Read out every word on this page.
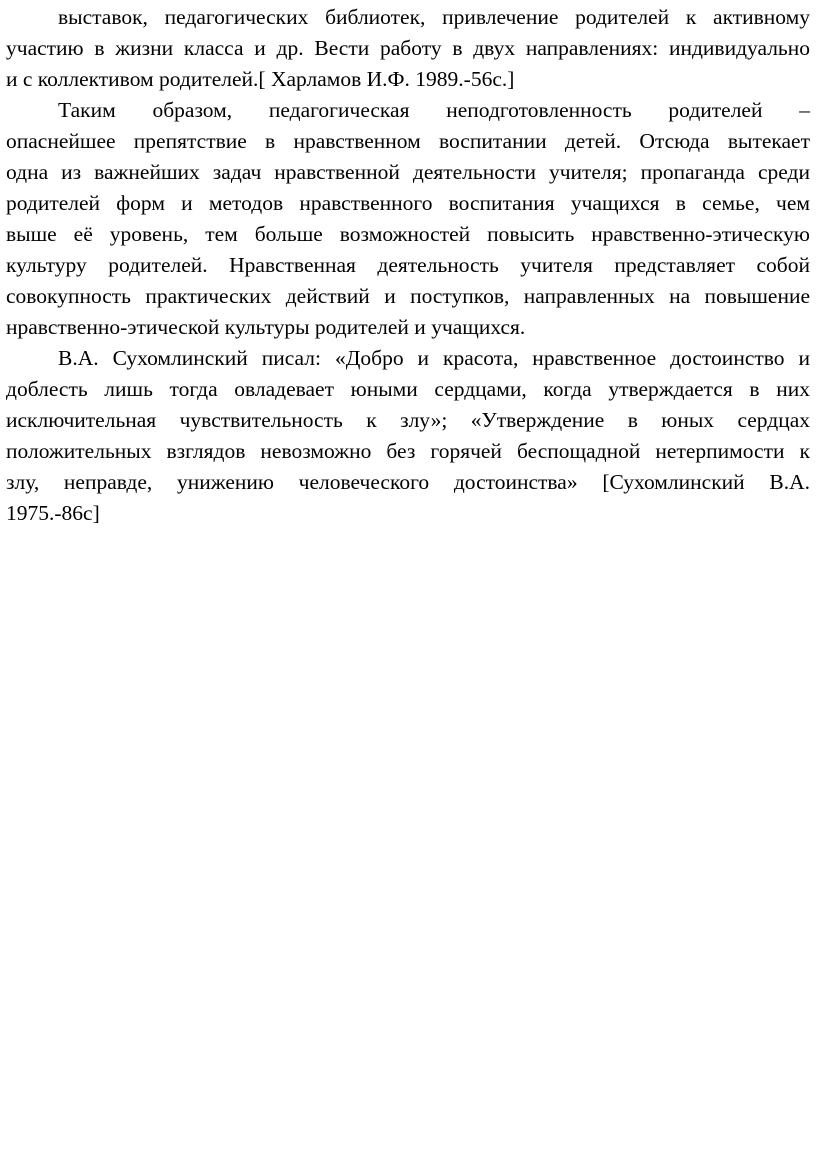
выставок, педагогических библиотек, привлечение родителей к активному
участию в жизни класса и др. Вести работу в двух направлениях: индивидуально
и с коллективом родителей.[ Харламов И.Ф. 1989.-56с.]
Таким образом, педагогическая неподготовленность родителей –
опаснейшее препятствие в нравственном воспитании детей. Отсюда вытекает
одна из важнейших задач нравственной деятельности учителя; пропаганда среди
родителей форм и методов нравственного воспитания учащихся в семье, чем
выше её уровень, тем больше возможностей повысить нравственно-этическую
культуру родителей. Нравственная деятельность учителя представляет собой
совокупность практических действий и поступков, направленных на повышение
нравственно-этической культуры родителей и учащихся.
В.А. Сухомлинский писал: «Добро и красота, нравственное достоинство и
доблесть лишь тогда овладевает юными сердцами, когда утверждается в них
исключительная чувствительность к злу»; «Утверждение в юных сердцах
положительных взглядов невозможно без горячей беспощадной нетерпимости к
злу, неправде, унижению человеческого достоинства» [Сухомлинский В.А.
1975.-86с]
